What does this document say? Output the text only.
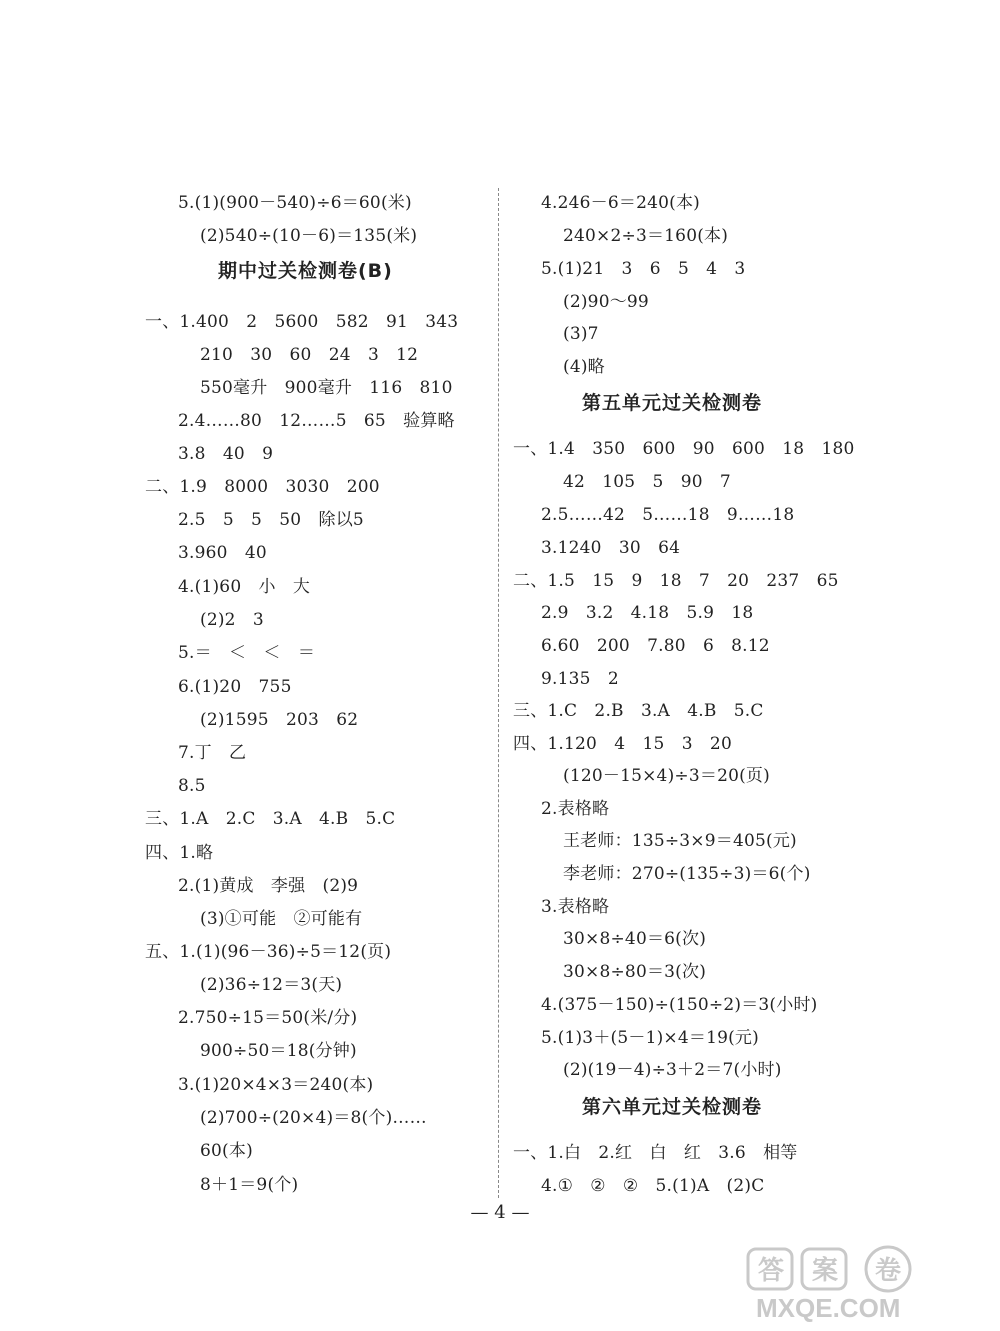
5.(1)(900－540)÷6＝60(米)
(2)540÷(10－6)＝135(米)
期中过关检测卷(B)
一、1.400　2　5600　582　91　343
210　30　60　24　3　12
550毫升　900毫升　116　810
2.4……80　12……5　65　验算略
3.8　40　9
二、1.9　8000　3030　200
2.5　5　5　50　除以5
3.960　40
4.(1)60　小　大
(2)2　3
5.＝　＜　＜　＝
6.(1)20　755
(2)1595　203　62
7.丁　乙
8.5
三、1.A　2.C　3.A　4.B　5.C
四、1.略
2.(1)黄成　李强　(2)9
(3)①可能　②可能有
五、1.(1)(96－36)÷5＝12(页)
(2)36÷12＝3(天)
2.750÷15＝50(米/分)
900÷50＝18(分钟)
3.(1)20×4×3＝240(本)
(2)700÷(20×4)＝8(个)……
60(本)
8＋1＝9(个)
4.246－6＝240(本)
240×2÷3＝160(本)
5.(1)21　3　6　5　4　3
(2)90～99
(3)7
(4)略
第五单元过关检测卷
一、1.4　350　600　90　600　18　180
42　105　5　90　7
2.5……42　5……18　9……18
3.1240　30　64
二、1.5　15　9　18　7　20　237　65
2.9　3.2　4.18　5.9　18
6.60　200　7.80　6　8.12
9.135　2
三、1.C　2.B　3.A　4.B　5.C
四、1.120　4　15　3　20
(120－15×4)÷3＝20(页)
2.表格略
王老师：135÷3×9＝405(元)
李老师：270÷(135÷3)＝6(个)
3.表格略
30×8÷40＝6(次)
30×8÷80＝3(次)
4.(375－150)÷(150÷2)＝3(小时)
5.(1)3＋(5－1)×4＝19(元)
(2)(19－4)÷3＋2＝7(小时)
第六单元过关检测卷
一、1.白　2.红　白　红　3.6　相等
4.①　②　②　5.(1)A　(2)C
— 4 —
答 案 卷
MXQE.COM
